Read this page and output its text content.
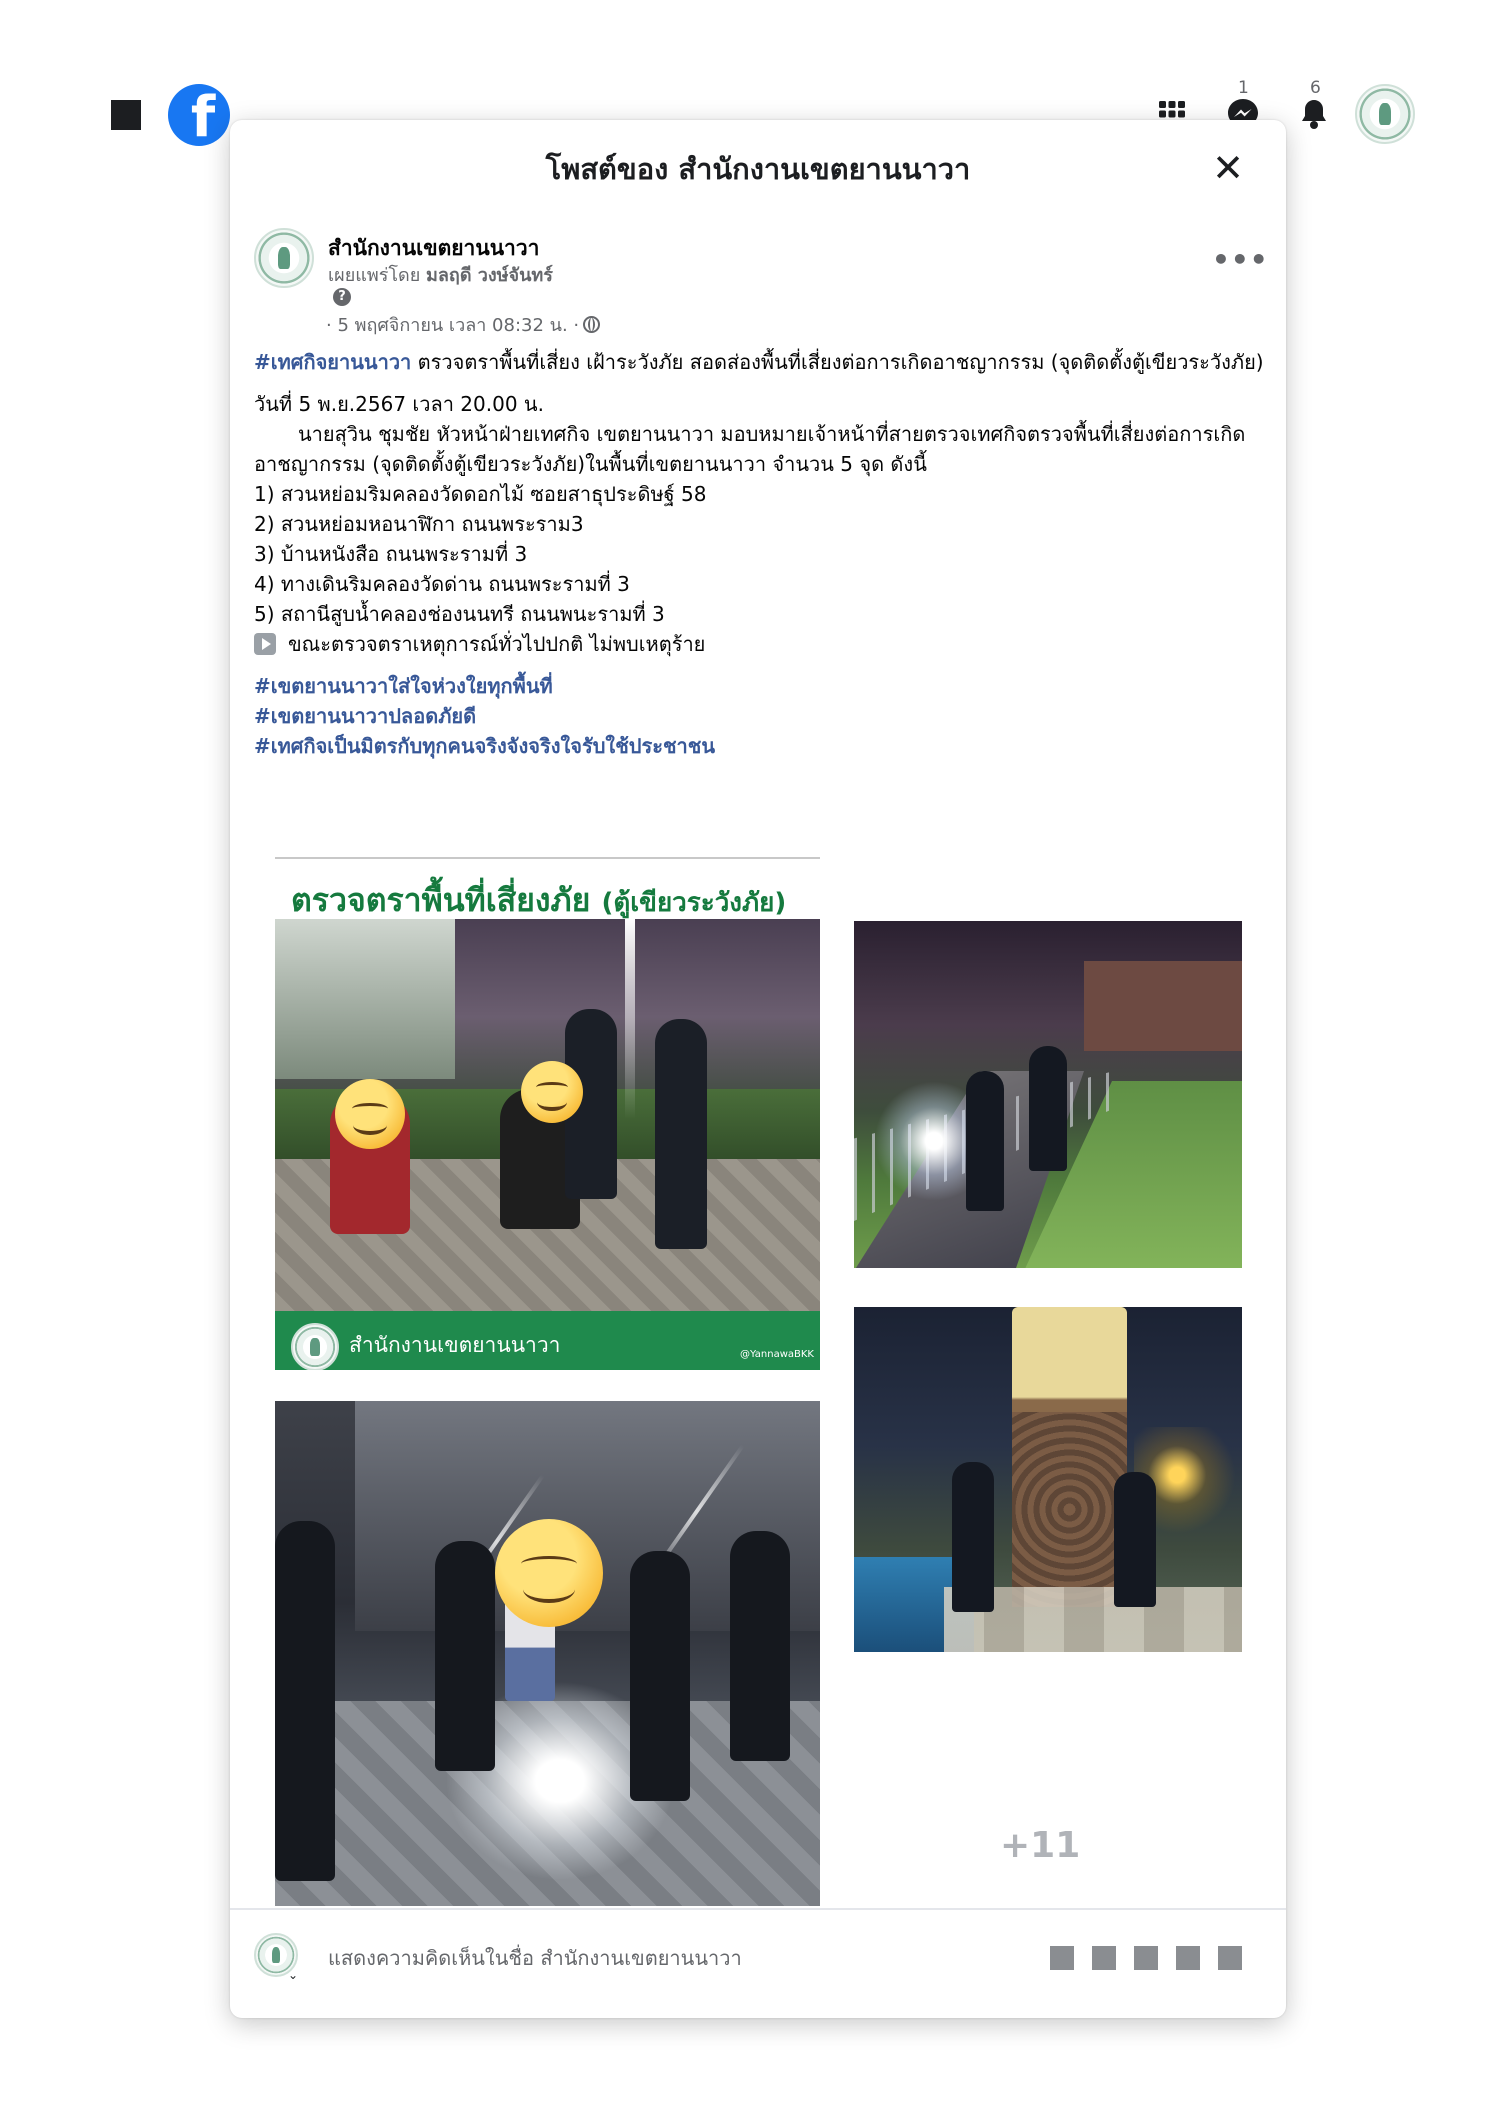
f	1	6
โพสต์ของ สำนักงานเขตยานนาวา	✕
สำนักงานเขตยานนาวา
เผยแพร่โดย มลฤดี วงษ์จันทร์
?
· 5 พฤศจิกายน เวลา 08:32 น. ·
•••

#เทศกิจยานนาวา ตรวจตราพื้นที่เสี่ยง เฝ้าระวังภัย สอดส่องพื้นที่เสี่ยงต่อการเกิดอาชญากรรม (จุดติดตั้งตู้เขียวระวังภัย)

วันที่ 5 พ.ย.2567 เวลา 20.00 น.

นายสุวิน ชุมชัย หัวหน้าฝ่ายเทศกิจ เขตยานนาวา มอบหมายเจ้าหน้าที่สายตรวจเทศกิจตรวจพื้นที่เสี่ยงต่อการเกิดอาชญากรรม (จุดติดตั้งตู้เขียวระวังภัย)ในพื้นที่เขตยานนาวา จำนวน 5 จุด ดังนี้

1) สวนหย่อมริมคลองวัดดอกไม้ ซอยสาธุประดิษฐ์ 58

2) สวนหย่อมหอนาฬิกา ถนนพระราม3

3) บ้านหนังสือ ถนนพระรามที่ 3

4) ทางเดินริมคลองวัดด่าน ถนนพระรามที่ 3

5) สถานีสูบน้ำคลองช่องนนทรี ถนนพนะรามที่ 3

ขณะตรวจตราเหตุการณ์ทั่วไปปกติ ไม่พบเหตุร้าย

#เขตยานนาวาใส่ใจห่วงใยทุกพื้นที่

#เขตยานนาวาปลอดภัยดี

#เทศกิจเป็นมิตรกับทุกคนจริงจังจริงใจรับใช้ประชาชน

ตรวจตราพื้นที่เสี่ยงภัย (ตู้เขียวระวังภัย)
สำนักงานเขตยานนาวา	@YannawaBKK
+11
⌄
แสดงความคิดเห็นในชื่อ สำนักงานเขตยานนาวา
